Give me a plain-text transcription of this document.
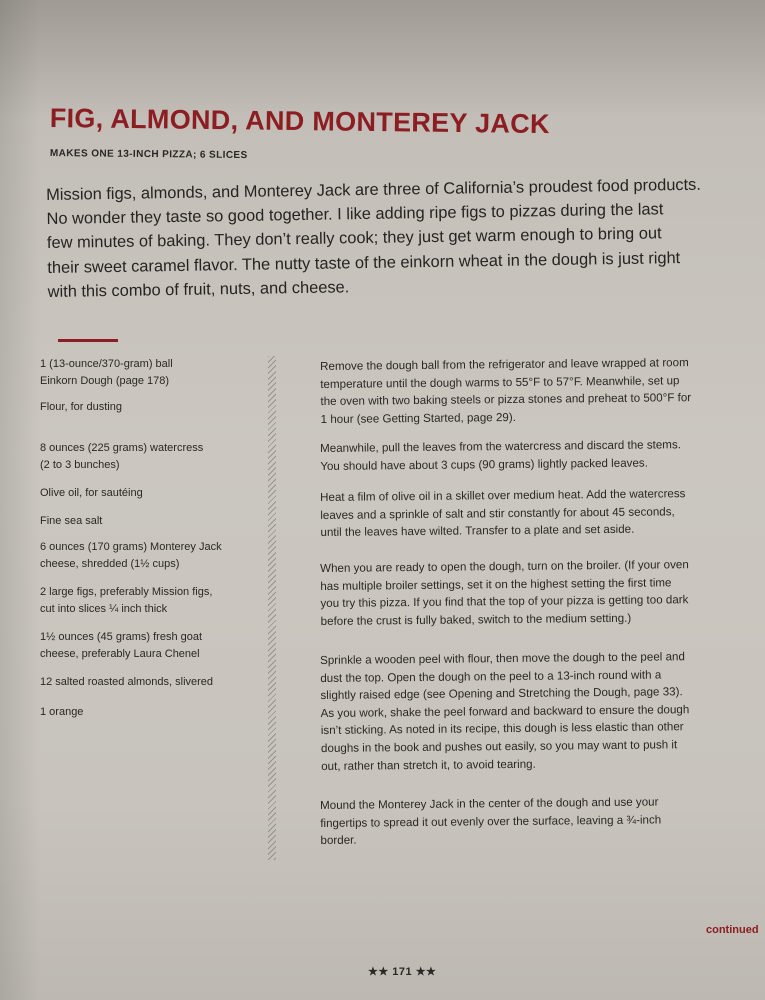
FIG, ALMOND, AND MONTEREY JACK
MAKES ONE 13-INCH PIZZA; 6 SLICES
Mission figs, almonds, and Monterey Jack are three of California’s proudest food products.
No wonder they taste so good together. I like adding ripe figs to pizzas during the last
few minutes of baking. They don’t really cook; they just get warm enough to bring out
their sweet caramel flavor. The nutty taste of the einkorn wheat in the dough is just right
with this combo of fruit, nuts, and cheese.
1 (13-ounce/370-gram) ball
Einkorn Dough (page 178)
Flour, for dusting
8 ounces (225 grams) watercress
(2 to 3 bunches)
Olive oil, for sautéing
Fine sea salt
6 ounces (170 grams) Monterey Jack
cheese, shredded (1½ cups)
2 large figs, preferably Mission figs,
cut into slices ¼ inch thick
1½ ounces (45 grams) fresh goat
cheese, preferably Laura Chenel
12 salted roasted almonds, slivered
1 orange
Remove the dough ball from the refrigerator and leave wrapped at room
temperature until the dough warms to 55°F to 57°F. Meanwhile, set up
the oven with two baking steels or pizza stones and preheat to 500°F for
1 hour (see Getting Started, page 29).
Meanwhile, pull the leaves from the watercress and discard the stems.
You should have about 3 cups (90 grams) lightly packed leaves.
Heat a film of olive oil in a skillet over medium heat. Add the watercress
leaves and a sprinkle of salt and stir constantly for about 45 seconds,
until the leaves have wilted. Transfer to a plate and set aside.
When you are ready to open the dough, turn on the broiler. (If your oven
has multiple broiler settings, set it on the highest setting the first time
you try this pizza. If you find that the top of your pizza is getting too dark
before the crust is fully baked, switch to the medium setting.)
Sprinkle a wooden peel with flour, then move the dough to the peel and
dust the top. Open the dough on the peel to a 13-inch round with a
slightly raised edge (see Opening and Stretching the Dough, page 33).
As you work, shake the peel forward and backward to ensure the dough
isn’t sticking. As noted in its recipe, this dough is less elastic than other
doughs in the book and pushes out easily, so you may want to push it
out, rather than stretch it, to avoid tearing.
Mound the Monterey Jack in the center of the dough and use your
fingertips to spread it out evenly over the surface, leaving a ¾-inch
border.
continued
★★ 171 ★★
